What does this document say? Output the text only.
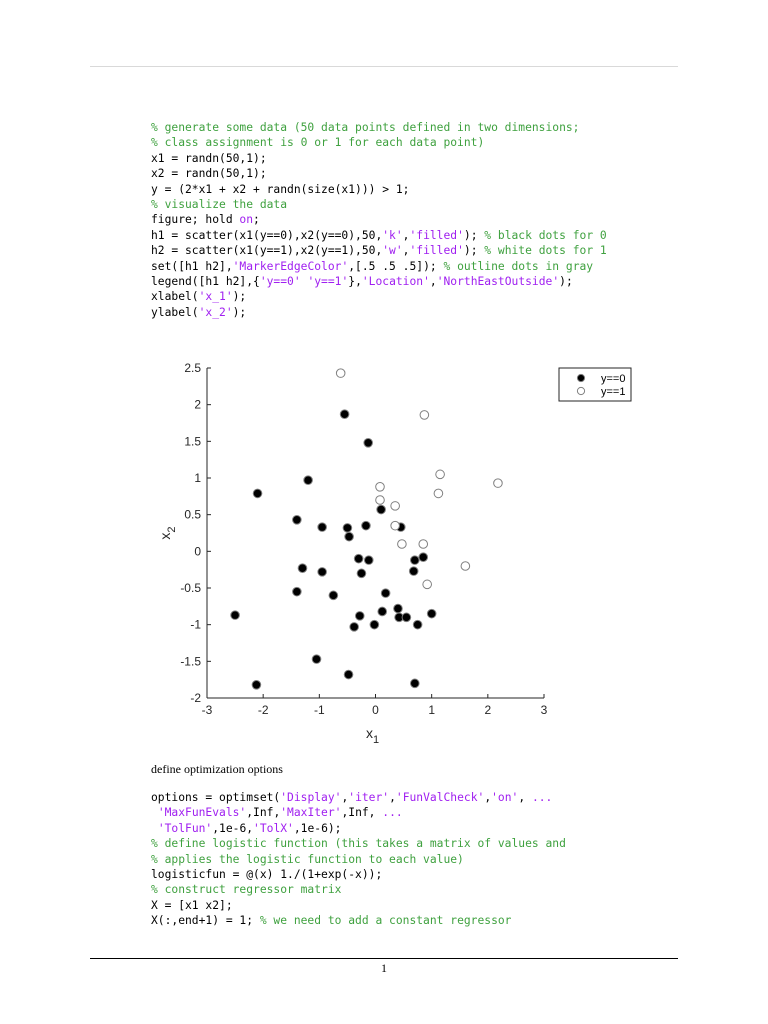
% generate some data (50 data points defined in two dimensions;
% class assignment is 0 or 1 for each data point)
x1 = randn(50,1);
x2 = randn(50,1);
y = (2*x1 + x2 + randn(size(x1))) > 1;
% visualize the data
figure; hold on;
h1 = scatter(x1(y==0),x2(y==0),50,'k','filled'); % black dots for 0
h2 = scatter(x1(y==1),x2(y==1),50,'w','filled'); % white dots for 1
set([h1 h2],'MarkerEdgeColor',[.5 .5 .5]); % outline dots in gray
legend([h1 h2],{'y==0' 'y==1'},'Location','NorthEastOutside');
xlabel('x_1');
ylabel('x_2');
-3	-2	-1	0	1	2	3
2.5
2
1.5
1
0.5
0
-0.5
-1
-1.5
-2
$x_1$
$x_2$
y==0
y==1
define optimization options
options = optimset('Display','iter','FunValCheck','on', ...
'MaxFunEvals',Inf,'MaxIter',Inf, ...
'TolFun',1e-6,'TolX',1e-6);
% define logistic function (this takes a matrix of values and
% applies the logistic function to each value)
logisticfun = @(x) 1./(1+exp(-x));
% construct regressor matrix
X = [x1 x2];
X(:,end+1) = 1; % we need to add a constant regressor
1
